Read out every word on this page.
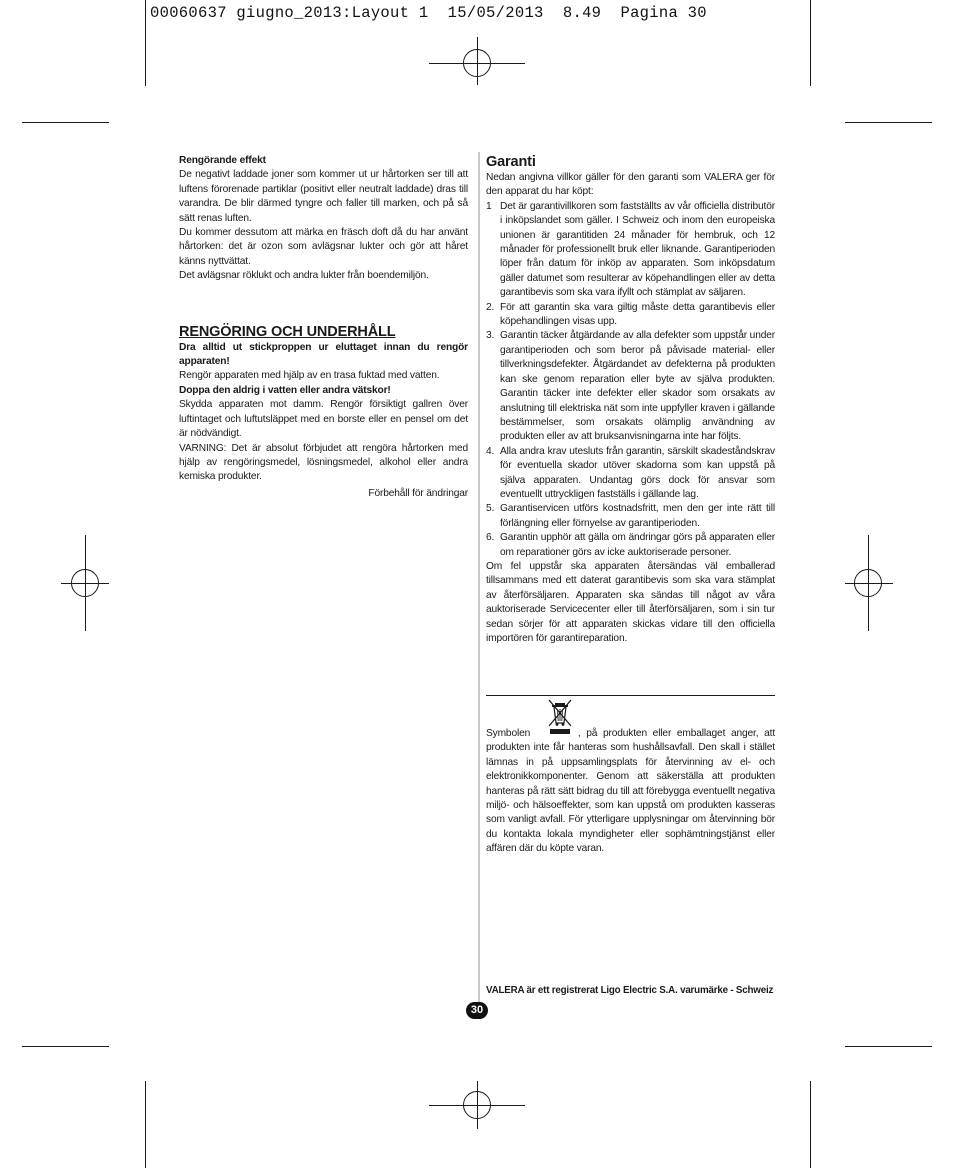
00060637 giugno_2013:Layout 1  15/05/2013  8.49  Pagina 30

Rengörande effekt

De negativt laddade joner som kommer ut ur hårtorken ser till att luftens förorenade partiklar (positivt eller neutralt laddade) dras till varandra. De blir därmed tyngre och faller till marken, och på så sätt renas luften.

Du kommer dessutom att märka en fräsch doft då du har använt hårtorken: det är ozon som avlägsnar lukter och gör att håret känns nyttvättat.

Det avlägsnar röklukt och andra lukter från boendemiljön.

RENGÖRING OCH UNDERHÅLL

Dra alltid ut stickproppen ur eluttaget innan du rengör apparaten!

Rengör apparaten med hjälp av en trasa fuktad med vatten.

Doppa den aldrig i vatten eller andra vätskor!

Skydda apparaten mot damm. Rengör försiktigt gallren över luftintaget och luftutsläppet med en borste eller en pensel om det är nödvändigt.

VARNING: Det är absolut förbjudet att rengöra hårtorken med hjälp av rengöringsmedel, lösningsmedel, alkohol eller andra kemiska produkter.

Förbehåll för ändringar

Garanti

Nedan angivna villkor gäller för den garanti som VALERA ger för den apparat du har köpt:

1 Det är garantivillkoren som fastställts av vår officiella distributör i inköpslandet som gäller. I Schweiz och inom den europeiska unionen är garantitiden 24 månader för hembruk, och 12 månader för professionellt bruk eller liknande. Garantiperioden löper från datum för inköp av apparaten. Som inköpsdatum gäller datumet som resulterar av köpehandlingen eller av detta garantibevis som ska vara ifyllt och stämplat av säljaren.
2. För att garantin ska vara giltig måste detta garantibevis eller köpehandlingen visas upp.
3. Garantin täcker åtgärdande av alla defekter som uppstår under garantiperioden och som beror på påvisade material- eller tillverkningsdefekter. Åtgärdandet av defekterna på produkten kan ske genom reparation eller byte av själva produkten. Garantin täcker inte defekter eller skador som orsakats av anslutning till elektriska nät som inte uppfyller kraven i gällande bestämmelser, som orsakats olämplig användning av produkten eller av att bruksanvisningarna inte har följts.
4. Alla andra krav utesluts från garantin, särskilt skadeståndskrav för eventuella skador utöver skadorna som kan uppstå på själva apparaten. Undantag görs dock för ansvar som eventuellt uttryckligen fastställs i gällande lag.
5. Garantiservicen utförs kostnadsfritt, men den ger inte rätt till förlängning eller förnyelse av garantiperioden.
6. Garantin upphör att gälla om ändringar görs på apparaten eller om reparationer görs av icke auktoriserade personer.

Om fel uppstår ska apparaten återsändas väl emballerad tillsammans med ett daterat garantibevis som ska vara stämplat av återförsäljaren. Apparaten ska sändas till något av våra auktoriserade Servicecenter eller till återförsäljaren, som i sin tur sedan sörjer för att apparaten skickas vidare till den officiella importören för garantireparation.

Symbolen	, på produkten eller emballaget anger, att produkten inte får hanteras som hushållsavfall. Den skall i stället lämnas in på uppsamlingsplats för återvinning av el- och elektronikkomponenter. Genom att säkerställa att produkten hanteras på rätt sätt bidrag du till att förebygga eventuellt negativa miljö- och hälsoeffekter, som kan uppstå om produkten kasseras som vanligt avfall. För ytterligare upplysningar om återvinning bör du kontakta lokala myndigheter eller sophämtningstjänst eller affären där du köpte varan.

VALERA är ett registrerat Ligo Electric S.A. varumärke - Schweiz
30
